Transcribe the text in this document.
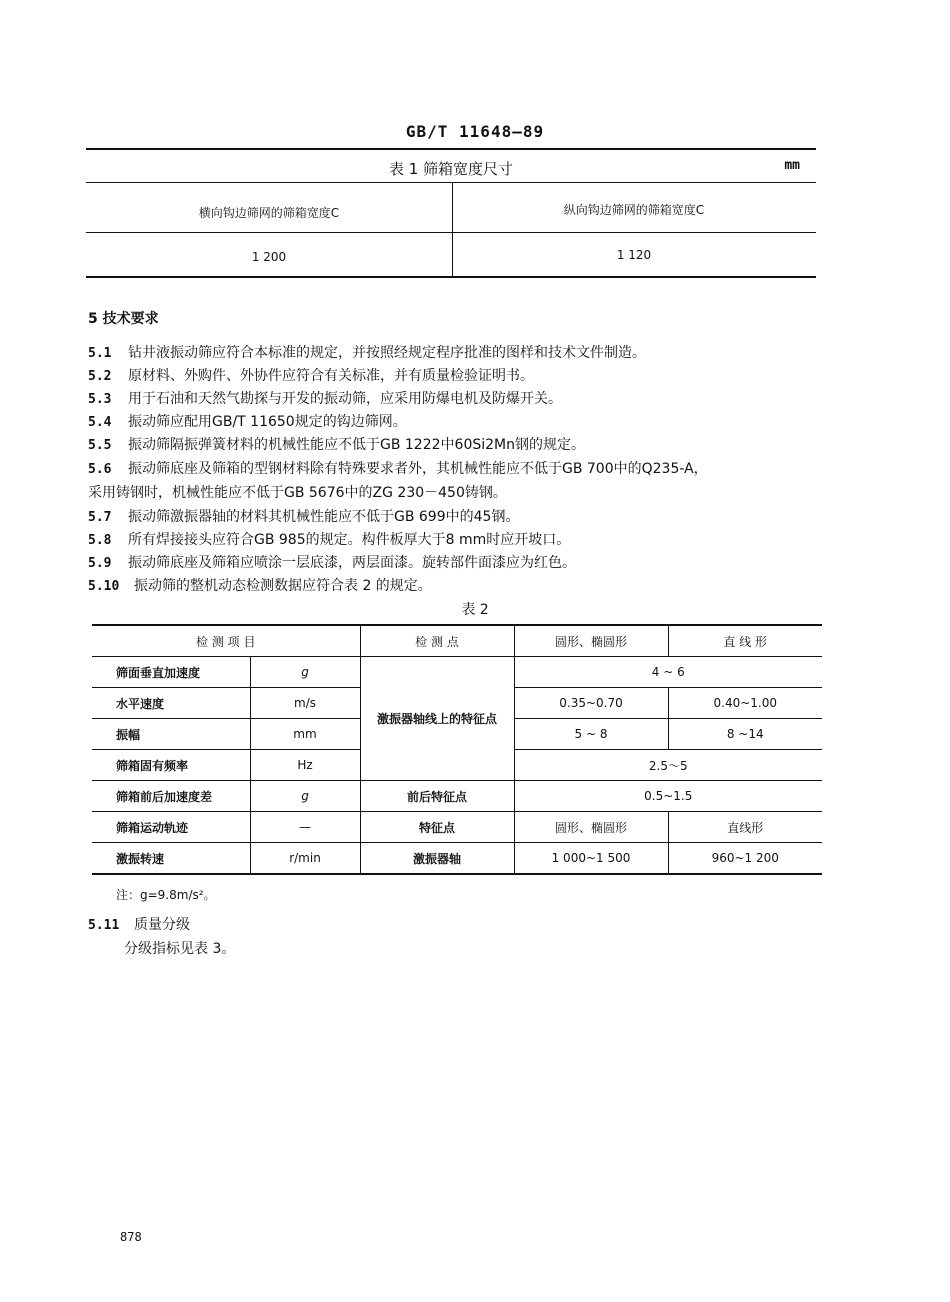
GB/T 11648—89
表 1 筛箱宽度尺寸	mm
横向钩边筛网的筛箱宽度C	纵向钩边筛网的筛箱宽度C
1 200	1 120
5 技术要求
5.1 钻井液振动筛应符合本标准的规定，并按照经规定程序批准的图样和技术文件制造。
5.2 原材料、外购件、外协件应符合有关标准，并有质量检验证明书。
5.3 用于石油和天然气勘探与开发的振动筛，应采用防爆电机及防爆开关。
5.4 振动筛应配用GB/T 11650规定的钩边筛网。
5.5 振动筛隔振弹簧材料的机械性能应不低于GB 1222中60Si2Mn钢的规定。
5.6 振动筛底座及筛箱的型钢材料除有特殊要求者外，其机械性能应不低于GB 700中的Q235-A，
采用铸钢时，机械性能应不低于GB 5676中的ZG 230－450铸钢。
5.7 振动筛激振器轴的材料其机械性能应不低于GB 699中的45钢。
5.8 所有焊接接头应符合GB 985的规定。构件板厚大于8 mm时应开坡口。
5.9 振动筛底座及筛箱应喷涂一层底漆，两层面漆。旋转部件面漆应为红色。
5.10 振动筛的整机动态检测数据应符合表 2 的规定。
表 2
检 测 项 目		检 测 点	圆形、椭圆形	直 线 形
筛面垂直加速度	g	激振器轴线上的特征点	4 ~ 6	
水平速度	m/s		0.35~0.70	0.40~1.00
振幅	mm		5 ~ 8	8 ~14
筛箱固有频率	Hz		2.5～5	
筛箱前后加速度差	g	前后特征点	0.5~1.5	
筛箱运动轨迹	—	特征点	圆形、椭圆形	直线形
激振转速	r/min	激振器轴	1 000~1 500	960~1 200
注：g=9.8m/s²。
5.11 质量分级
分级指标见表 3。
878
